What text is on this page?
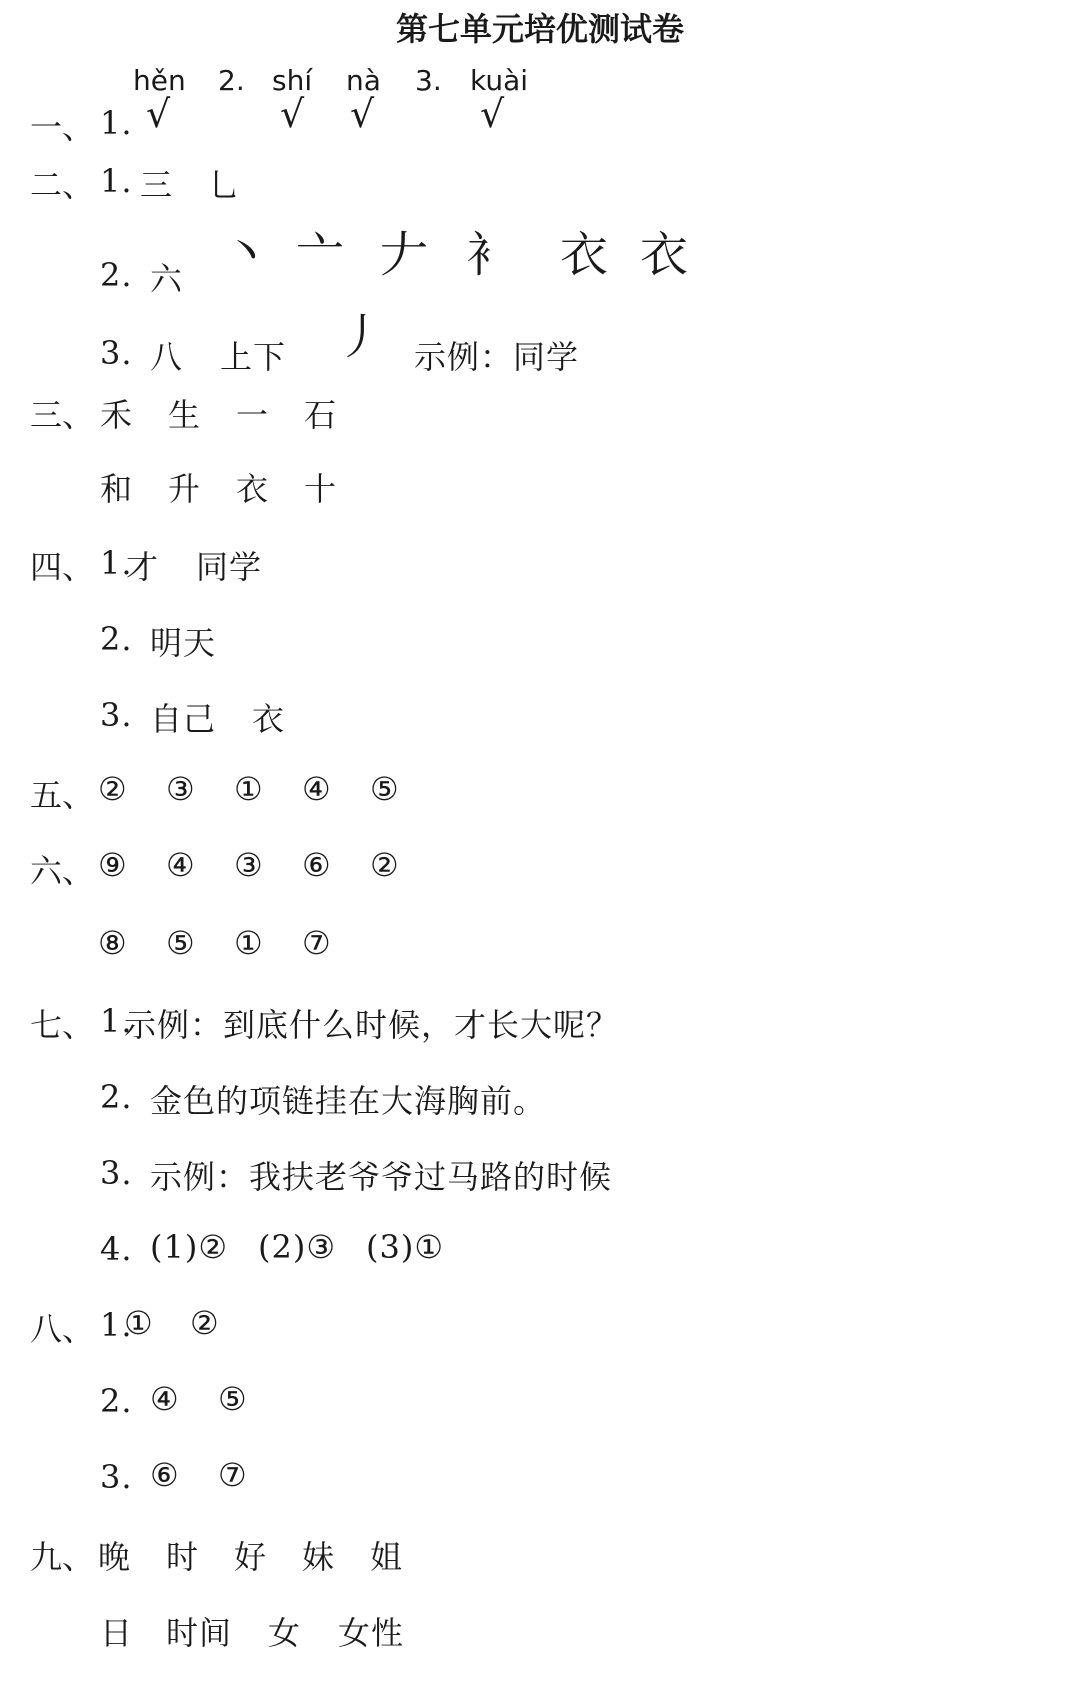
第七单元培优测试卷
hěn 2. shí nà 3. kuài
一、 1. √	√ √	√
二、 1. 三 乚
2. 六 丶 亠 𠂇 衤 衣 衣
3. 八 上下 丿 示例：同学
三、 禾 生 一 石
和 升 衣 十
四、 1.
才 同学
2. 明天
3. 自己 衣
五、 ② ③ ① ④ ⑤
六、 ⑨ ④ ③ ⑥ ②
⑧ ⑤ ① ⑦
七、 1.
示例：到底什么时候，才长大呢？
2. 金色的项链挂在大海胸前。
3. 示例：我扶老爷爷过马路的时候
4. (1)② (2)③ (3)①
八、 1.
① ②
2. ④ ⑤
3. ⑥ ⑦
九、 晚 时 好 妹 姐
日 时间 女 女性
